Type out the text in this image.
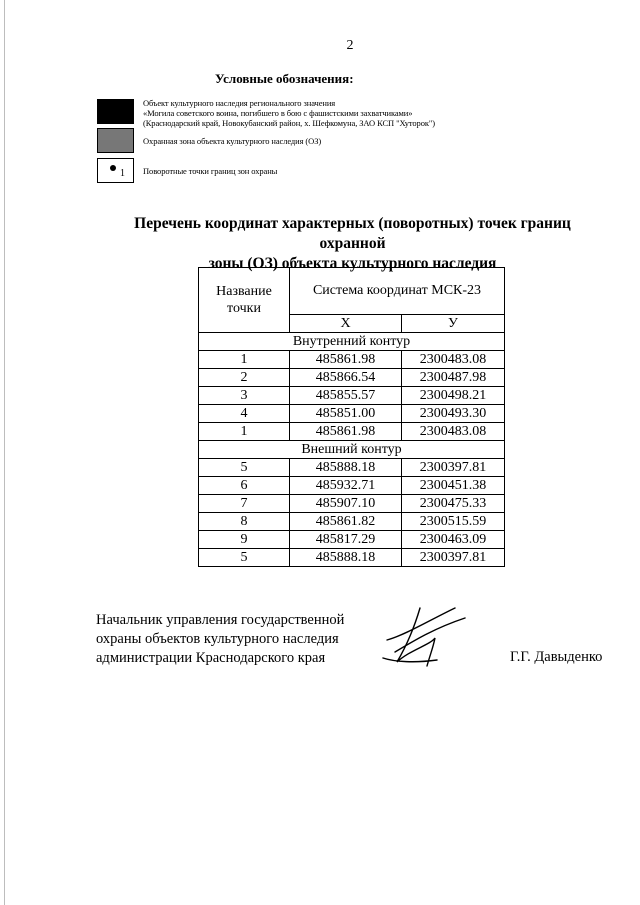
2
Условные обозначения:
Объект культурного наследия регионального значения
«Могила советского воина, погибшего в бою с фашистскими захватчиками»
(Краснодарский край, Новокубанский район, х. Шефкомуна, ЗАО КСП "Хуторок")
Охранная зона объекта культурного наследия (ОЗ)
1 Поворотные точки границ зон охраны
Перечень координат характерных (поворотных) точек границ охранной
зоны (ОЗ) объекта культурного наследия
Название
точки	Система координат МСК-23	
	X	У
Внутренний контур		
1	485861.98	2300483.08
2	485866.54	2300487.98
3	485855.57	2300498.21
4	485851.00	2300493.30
1	485861.98	2300483.08
Внешний контур		
5	485888.18	2300397.81
6	485932.71	2300451.38
7	485907.10	2300475.33
8	485861.82	2300515.59
9	485817.29	2300463.09
5	485888.18	2300397.81
Начальник управления государственной
охраны объектов культурного наследия
администрации Краснодарского края	Г.Г. Давыденко
